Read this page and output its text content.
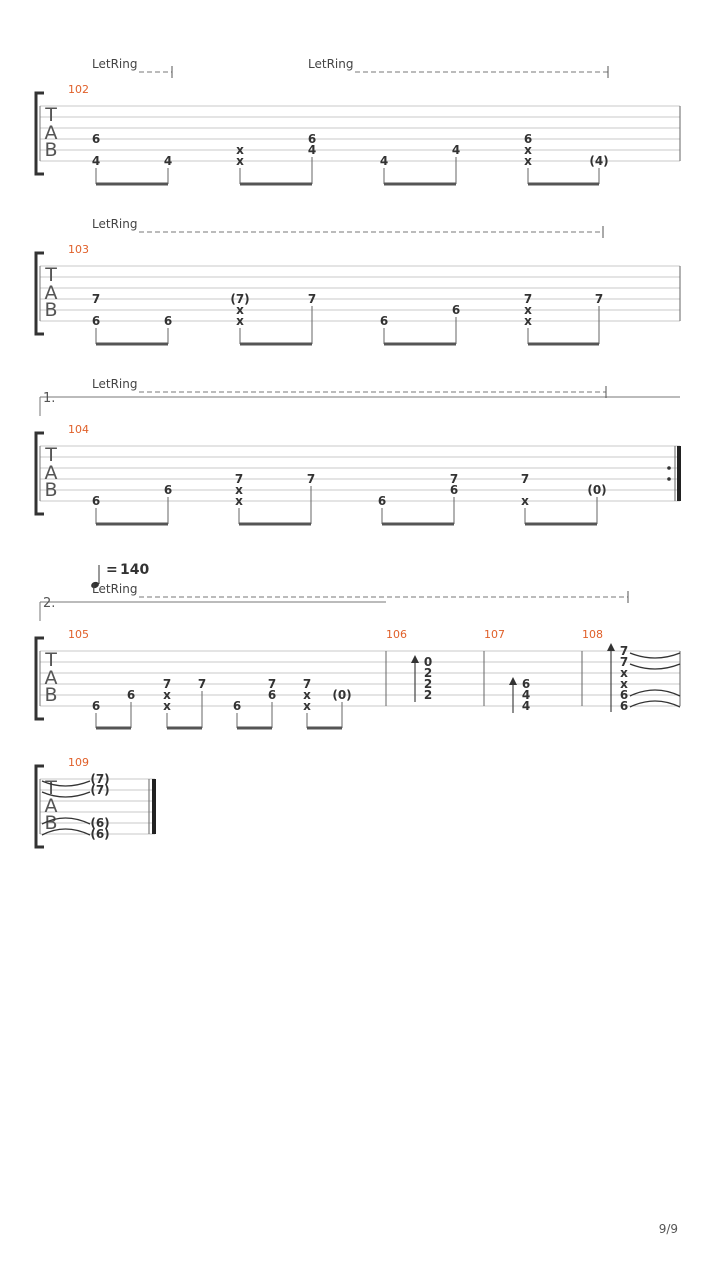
LetRing	LetRing
T
A
B
102
6
4	4
x
x
6
4
4
4
6
x
x	(4)
LetRing
T
A
B
103
7
6	6
(7)
x
x
7
6
6
7
x
x
7
1.
LetRing
T
A
B
104
6
6
7
x
x
7
6
7
6
7
x
(0)
= 140
2.
LetRing
T
A
B
105	106	107	108
6
6
7
x
x
7
6
7
6
7
x
x
(0)
0
2
2
2
6
4
4
7
7
x
x
6
6
T
A
B
109
(7)
(7)
(6)
(6)
9/9
